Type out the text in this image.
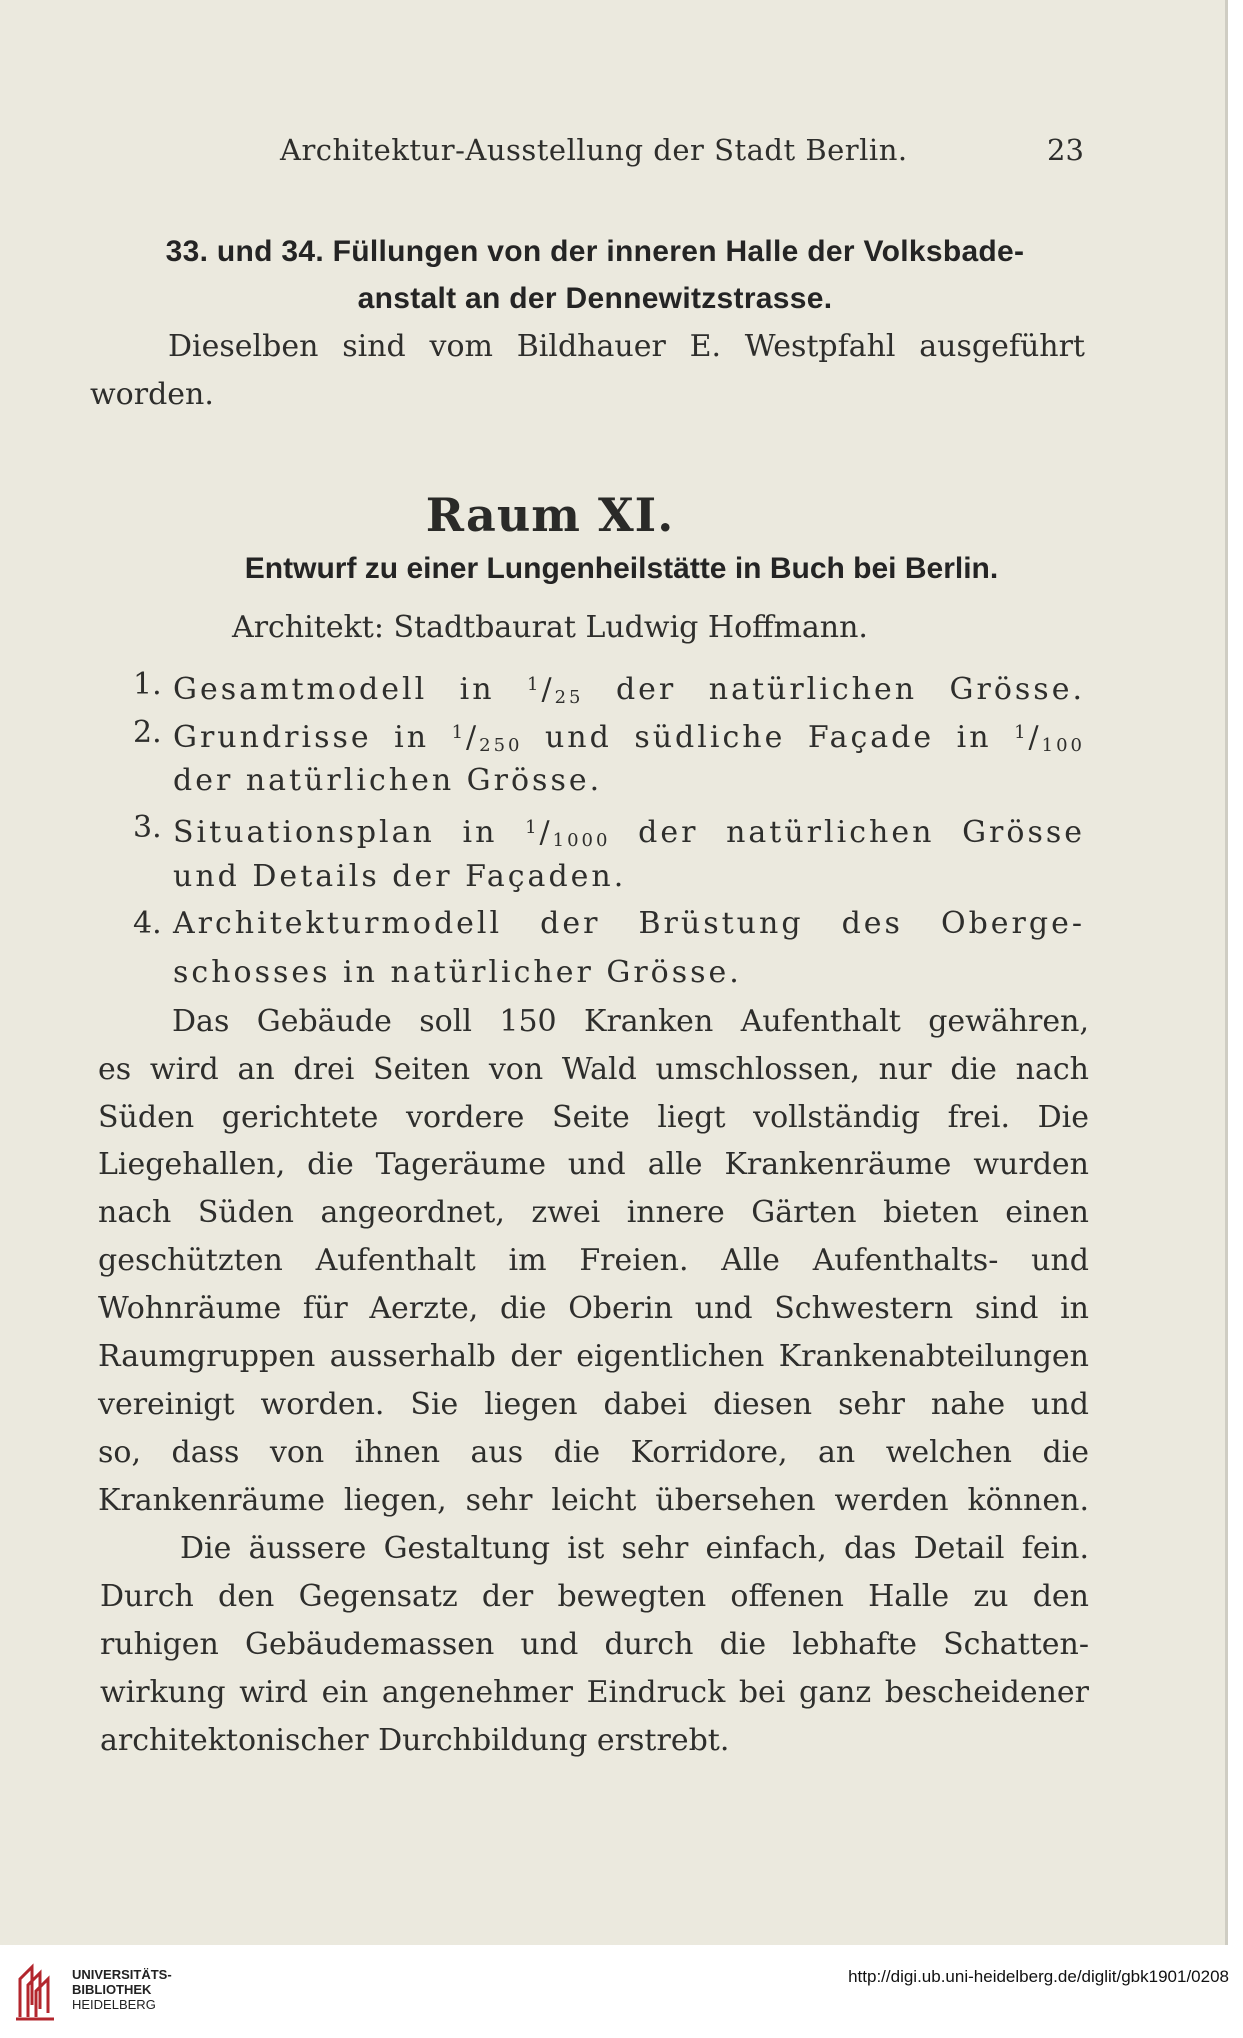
Architektur-Ausstellung der Stadt Berlin.	23
33. und 34. Füllungen von der inneren Halle der Volksbade-
anstalt an der Dennewitzstrasse.
Dieselben sind vom Bildhauer E. Westpfahl ausgeführt
worden.
Raum XI.
Entwurf zu einer Lungenheilstätte in Buch bei Berlin.
Architekt: Stadtbaurat Ludwig Hoffmann.
1. Gesamtmodell in $^1/_{25}$ der natürlichen Grösse.
2. Grundrisse in $^1/_{250}$ und südliche Façade in $^1/_{100}$
der natürlichen Grösse.
3. Situationsplan in $^1/_{1000}$ der natürlichen Grösse
und Details der Façaden.
4. Architekturmodell der Brüstung des Oberge-
schosses in natürlicher Grösse.
Das Gebäude soll 150 Kranken Aufenthalt gewähren,
es wird an drei Seiten von Wald umschlossen, nur die nach
Süden gerichtete vordere Seite liegt vollständig frei. Die
Liegehallen, die Tageräume und alle Krankenräume wurden
nach Süden angeordnet, zwei innere Gärten bieten einen
geschützten Aufenthalt im Freien. Alle Aufenthalts- und
Wohnräume für Aerzte, die Oberin und Schwestern sind in
Raumgruppen ausserhalb der eigentlichen Krankenabteilungen
vereinigt worden. Sie liegen dabei diesen sehr nahe und
so, dass von ihnen aus die Korridore, an welchen die
Krankenräume liegen, sehr leicht übersehen werden können.
Die äussere Gestaltung ist sehr einfach, das Detail fein.
Durch den Gegensatz der bewegten offenen Halle zu den
ruhigen Gebäudemassen und durch die lebhafte Schatten-
wirkung wird ein angenehmer Eindruck bei ganz bescheidener
architektonischer Durchbildung erstrebt.
UNIVERSITÄTS-
BIBLIOTHEK
HEIDELBERG
http://digi.ub.uni-heidelberg.de/diglit/gbk1901/0208
